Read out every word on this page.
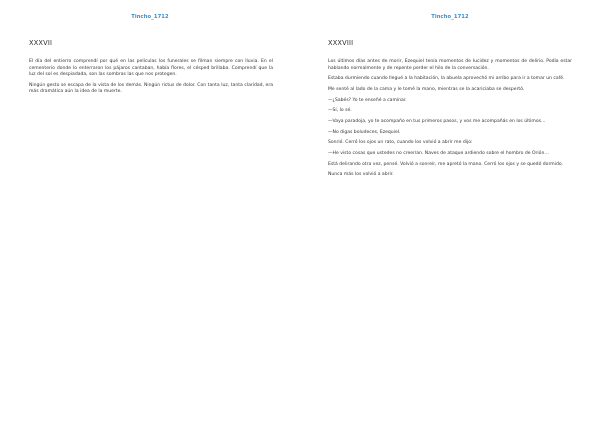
Tincho_1712
XXXVII

El día del entierro comprendí por qué en las películas los funerales se filman siempre con lluvia. En el cementerio donde lo enterraron los pájaros cantaban, había flores, el césped brillaba. Comprendí que la luz del sol es despiadada, son las sombras las que nos protegen.

Ningún gesto se escapa de la vista de los demás. Ningún rictus de dolor. Con tanta luz, tanta claridad, era más dramática aún la idea de la muerte.

Tincho_1712
XXXVIII

Los últimos días antes de morir, Ezequiel tenía momentos de lucidez y momentos de delirio. Podía estar hablando normalmente y de repente perder el hilo de la conversación.

Estaba durmiendo cuando llegué a la habitación, la abuela aprovechó mi arribo para ir a tomar un café.

Me senté al lado de la cama y le tomé la mano, mientras se la acariciaba se despertó.

—¿Sabés? Yo te enseñé a caminar.

—Sí, lo sé.

—Vaya paradoja, yo te acompaño en tus primeros pasos, y vos me acompañás en los últimos…

—No digas boludeces, Ezequiel.

Sonrió. Cerró los ojos un rato, cuando los volvió a abrir me dijo:

—He visto cosas que ustedes no creerían. Naves de ataque ardiendo sobre el hombro de Orión…

Está delirando otra vez, pensé. Volvió a sonreír, me apretó la mano. Cerró los ojos y se quedó dormido.

Nunca más los volvió a abrir.
